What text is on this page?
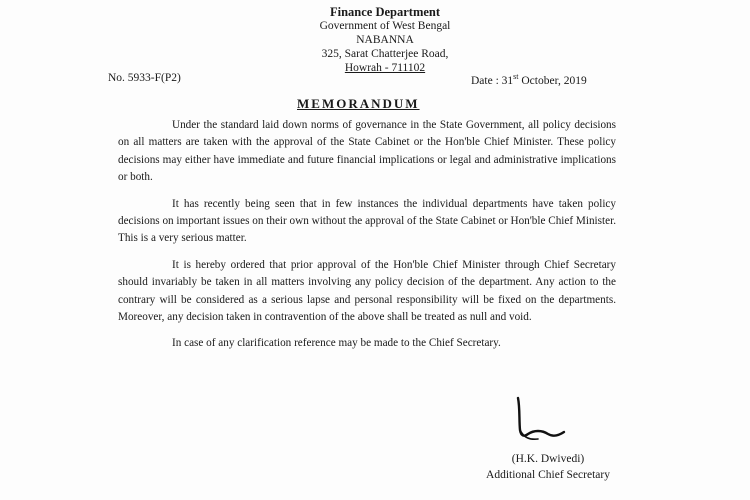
Finance Department
Government of West Bengal
NABANNA
325, Sarat Chatterjee Road,
Howrah - 711102
No. 5933-F(P2)	Date : 31st October, 2019
MEMORANDUM

Under the standard laid down norms of governance in the State Government, all policy decisions on all matters are taken with the approval of the State Cabinet or the Hon'ble Chief Minister. These policy decisions may either have immediate and future financial implications or legal and administrative implications or both.

It has recently being seen that in few instances the individual departments have taken policy decisions on important issues on their own without the approval of the State Cabinet or Hon'ble Chief Minister. This is a very serious matter.

It is hereby ordered that prior approval of the Hon'ble Chief Minister through Chief Secretary should invariably be taken in all matters involving any policy decision of the department. Any action to the contrary will be considered as a serious lapse and personal responsibility will be fixed on the departments. Moreover, any decision taken in contravention of the above shall be treated as null and void.

In case of any clarification reference may be made to the Chief Secretary.

(H.K. Dwivedi)
Additional Chief Secretary
